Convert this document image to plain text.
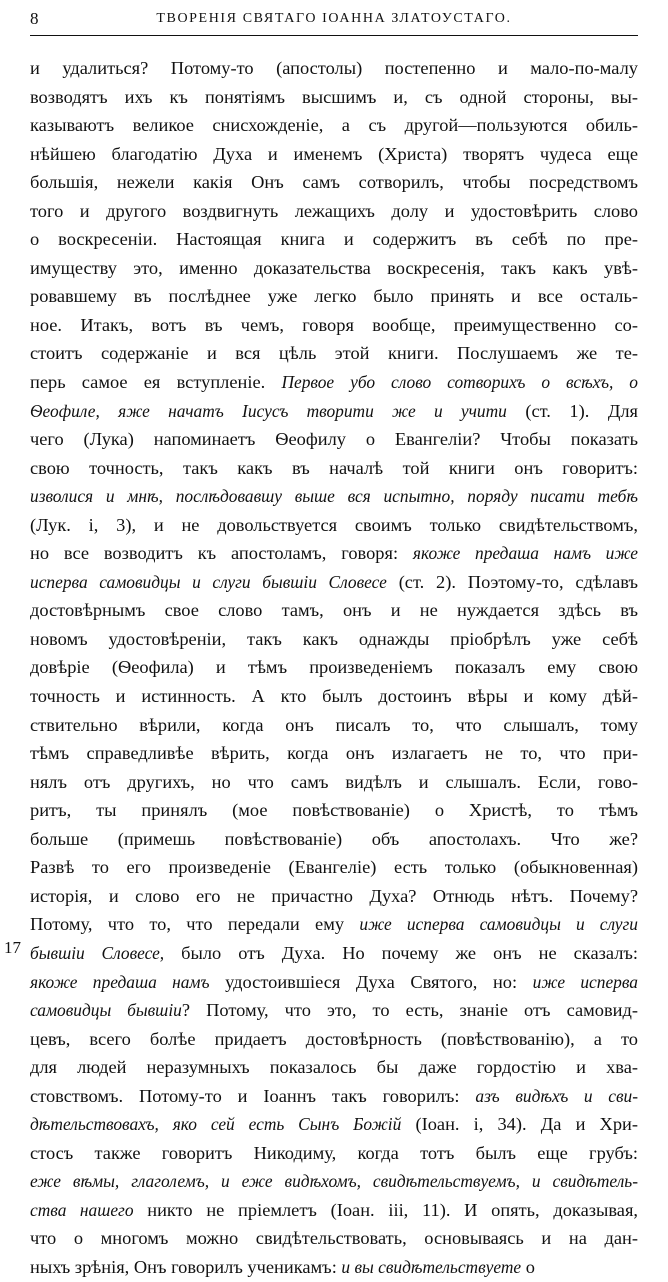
8	ТВОРЕНІЯ СВЯТАГО ІОАННА ЗЛАТОУСТАГО.
и удалиться? Потому-то (апостолы) постепенно и мало-по-малу
возводятъ ихъ къ понятіямъ высшимъ и, съ одной стороны, вы-
казываютъ великое снисхожденіе, а съ другой—пользуются обиль-
нѣйшею благодатію Духа и именемъ (Христа) творятъ чудеса еще
большія, нежели какія Онъ самъ сотворилъ, чтобы посредствомъ
того и другого воздвигнуть лежащихъ долу и удостовѣрить слово
о воскресеніи. Настоящая книга и содержитъ въ себѣ по пре-
имуществу это, именно доказательства воскресенія, такъ какъ увѣ-
ровавшему въ послѣднее уже легко было принять и все осталь-
ное. Итакъ, вотъ въ чемъ, говоря вообще, преимущественно со-
стоитъ содержаніе и вся цѣль этой книги. Послушаемъ же те-
перь самое ея вступленіе. Первое убо слово сотворихъ о всѣхъ, о
Ѳеофиле, яже начатъ Іисусъ творити же и учити (ст. 1). Для
чего (Лука) напоминаетъ Ѳеофилу о Евангеліи? Чтобы показать
свою точность, такъ какъ въ началѣ той книги онъ говоритъ:
изволися и мнѣ, послѣдовавшу выше вся испытно, поряду писати тебѣ
(Лук. і, 3), и не довольствуется своимъ только свидѣтельствомъ,
но все возводитъ къ апостоламъ, говоря: якоже предаша намъ иже
исперва самовидцы и слуги бывшіи Словесе (ст. 2). Поэтому-то, сдѣлавъ
достовѣрнымъ свое слово тамъ, онъ и не нуждается здѣсь въ
новомъ удостовѣреніи, такъ какъ однажды пріобрѣлъ уже себѣ
довѣріе (Ѳеофила) и тѣмъ произведеніемъ показалъ ему свою
точность и истинность. А кто былъ достоинъ вѣры и кому дѣй-
ствительно вѣрили, когда онъ писалъ то, что слышалъ, тому
тѣмъ справедливѣе вѣрить, когда онъ излагаетъ не то, что при-
нялъ отъ другихъ, но что самъ видѣлъ и слышалъ. Если, гово-
ритъ, ты принялъ (мое повѣствованіе) о Христѣ, то тѣмъ
больше (примешь повѣствованіе) объ апостолахъ. Что же?
Развѣ то его произведеніе (Евангеліе) есть только (обыкновенная)
исторія, и слово его не причастно Духа? Отнюдь нѣтъ. Почему?
Потому, что то, что передали ему иже исперва самовидцы и слуги
бывшіи Словесе, было отъ Духа. Но почему же онъ не сказалъ:
якоже предаша намъ удостоившіеся Духа Святого, но: иже исперва
самовидцы бывшіи? Потому, что это, то есть, знаніе отъ самовид-
цевъ, всего болѣе придаетъ достовѣрность (повѣствованію), а то
для людей неразумныхъ показалось бы даже гордостію и хва-
стовствомъ. Потому-то и Іоаннъ такъ говорилъ: азъ видѣхъ и сви-
дѣтельствовахъ, яко сей есть Сынъ Божій (Іоан. і, 34). Да и Хри-
стосъ также говоритъ Никодиму, когда тотъ былъ еще грубъ:
еже вѣмы, глаголемъ, и еже видѣхомъ, свидѣтельствуемъ, и свидѣтель-
ства нашего никто не пріемлетъ (Іоан. ііі, 11). И опять, доказывая,
что о многомъ можно свидѣтельствовать, основываясь и на дан-
ныхъ зрѣнія, Онъ говорилъ ученикамъ: и вы свидѣтельствуете о
17
